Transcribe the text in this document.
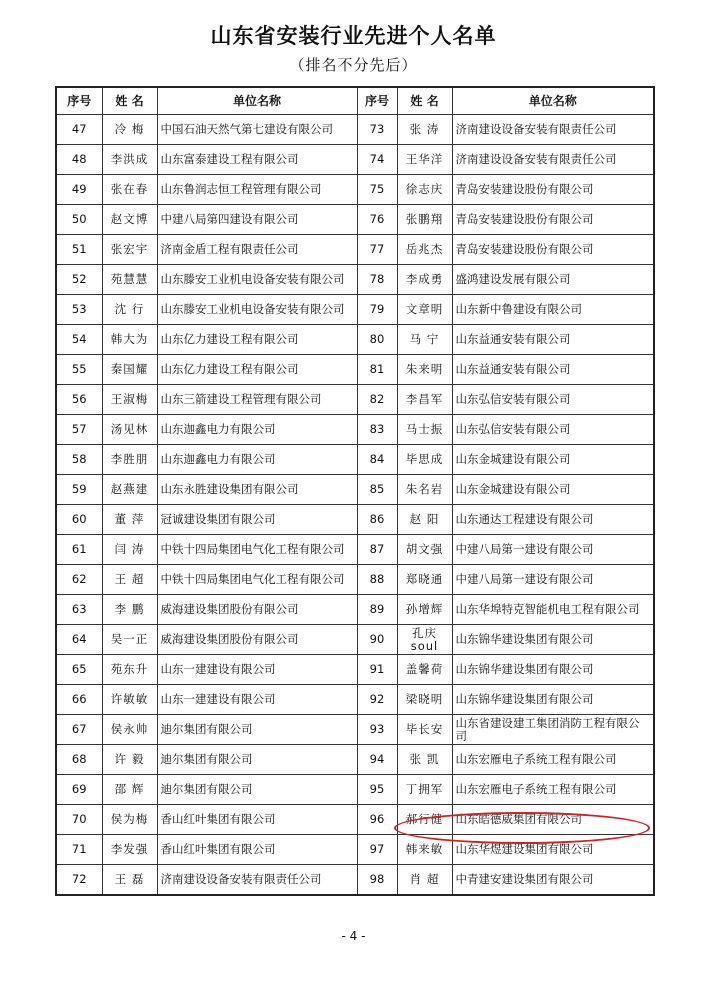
山东省安装行业先进个人名单
（排名不分先后）
序号	姓 名	单位名称	序号	姓 名	单位名称
47	冷 梅	中国石油天然气第七建设有限公司	73	张 涛	济南建设设备安装有限责任公司
48	李洪成	山东富泰建设工程有限公司	74	王华洋	济南建设设备安装有限责任公司
49	张在春	山东鲁润志恒工程管理有限公司	75	徐志庆	青岛安装建设股份有限公司
50	赵文博	中建八局第四建设有限公司	76	张鹏翔	青岛安装建设股份有限公司
51	张宏宇	济南金盾工程有限责任公司	77	岳兆杰	青岛安装建设股份有限公司
52	苑慧慧	山东滕安工业机电设备安装有限公司	78	李成勇	盛鸿建设发展有限公司
53	沈 行	山东滕安工业机电设备安装有限公司	79	文章明	山东新中鲁建设有限公司
54	韩大为	山东亿力建设工程有限公司	80	马 宁	山东益通安装有限公司
55	秦国耀	山东亿力建设工程有限公司	81	朱来明	山东益通安装有限公司
56	王淑梅	山东三箭建设工程管理有限公司	82	李昌军	山东弘信安装有限公司
57	汤见林	山东迦鑫电力有限公司	83	马士振	山东弘信安装有限公司
58	李胜朋	山东迦鑫电力有限公司	84	毕思成	山东金城建设有限公司
59	赵燕建	山东永胜建设集团有限公司	85	朱名岩	山东金城建设有限公司
60	董 萍	冠诚建设集团有限公司	86	赵 阳	山东通达工程建设有限公司
61	闫 涛	中铁十四局集团电气化工程有限公司	87	胡文强	中建八局第一建设有限公司
62	王 超	中铁十四局集团电气化工程有限公司	88	郑晓通	中建八局第一建设有限公司
63	李 鹏	威海建设集团股份有限公司	89	孙增辉	山东华埠特克智能机电工程有限公司
64	吴一正	威海建设集团股份有限公司	90	孔庆soul	山东锦华建设集团有限公司
65	苑东升	山东一建建设有限公司	91	盖馨荷	山东锦华建设集团有限公司
66	许敏敏	山东一建建设有限公司	92	梁晓明	山东锦华建设集团有限公司
67	侯永帅	迪尔集团有限公司	93	毕长安	山东省建设建工集团消防工程有限公司
68	许 毅	迪尔集团有限公司	94	张 凯	山东宏雁电子系统工程有限公司
69	邵 辉	迪尔集团有限公司	95	丁拥军	山东宏雁电子系统工程有限公司
70	侯为梅	香山红叶集团有限公司	96	郝行健	山东皓德威集团有限公司
71	李发强	香山红叶集团有限公司	97	韩来敏	山东华煜建设集团有限公司
72	王 磊	济南建设设备安装有限责任公司	98	肖 超	中青建安建设集团有限公司
- 4 -
